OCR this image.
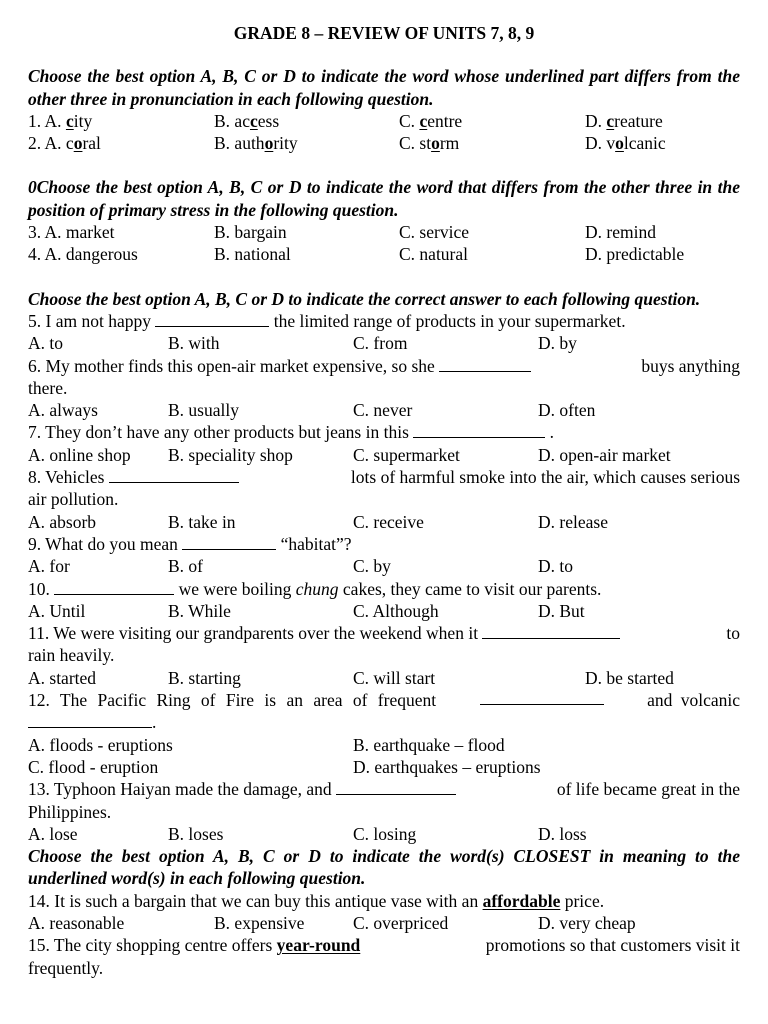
GRADE 8 – REVIEW OF UNITS 7, 8, 9
Choose the best option A, B, C or D to indicate the word whose underlined part differs from the other three in pronunciation in each following question.
1. A. city	B. access	C. centre	D. creature
2. A. coral	B. authority	C. storm	D. volcanic
0Choose the best option A, B, C or D to indicate the word that differs from the other three in the position of primary stress in the following question.
3. A. market	B. bargain	C. service	D. remind
4. A. dangerous	B. national	C. natural	D. predictable
Choose the best option A, B, C or D to indicate the correct answer to each following question.
5. I am not happy	the limited range of products in your supermarket.
A. to	B. with	C. from	D. by
6. My mother finds this open-air market expensive, so she	buys anything
there.
A. always	B. usually	C. never	D. often
7. They don’t have any other products but jeans in this	.
A. online shop B. speciality shop	C. supermarket	D. open-air market
8. Vehicles	lots of harmful smoke into the air, which causes serious
air pollution.
A. absorb	B. take in	C. receive	D. release
9. What do you mean	“habitat”?
A. for	B. of	C. by	D. to
10.	we were boiling chung cakes, they came to visit our parents.
A. Until	B. While	C. Although	D. But
11. We were visiting our grandparents over the weekend when it	to
rain heavily.
A. started	B. starting	C. will start	D. be started
12. The Pacific Ring of Fire is an area of frequent	and volcanic
.
A. floods - eruptions	B. earthquake – flood
C. flood - eruption	D. earthquakes – eruptions
13. Typhoon Haiyan made the damage, and	of life became great in the
Philippines.
A. lose	B. loses	C. losing	D. loss
Choose the best option A, B, C or D to indicate the word(s) CLOSEST in meaning to the underlined word(s) in each following question.
14. It is such a bargain that we can buy this antique vase with an affordable price.
A. reasonable	B. expensive	C. overpriced	D. very cheap
15. The city shopping centre offers year-round	promotions so that customers visit it
frequently.
